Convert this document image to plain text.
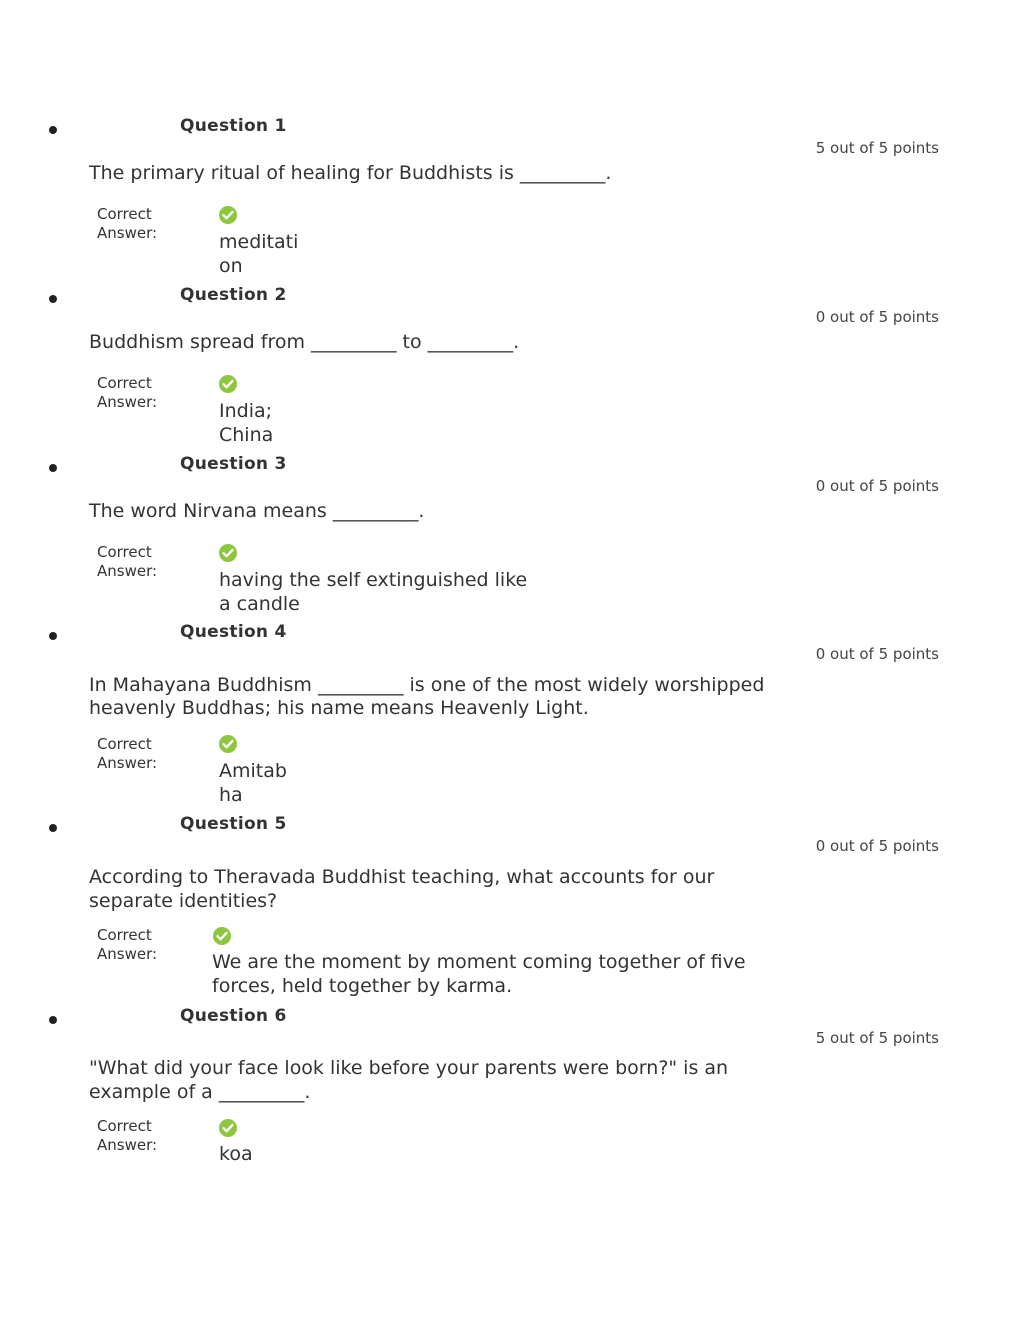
Question 1
5 out of 5 points
The primary ritual of healing for Buddhists is _________.
Correct
Answer:	meditati
on
Question 2
0 out of 5 points
Buddhism spread from _________ to _________.
Correct
Answer:	India;
China
Question 3
0 out of 5 points
The word Nirvana means _________.
Correct
Answer:	having the self extinguished like
a candle
Question 4
0 out of 5 points
In Mahayana Buddhism _________ is one of the most widely worshipped
heavenly Buddhas; his name means Heavenly Light.
Correct
Answer:	Amitab
ha
Question 5
0 out of 5 points
According to Theravada Buddhist teaching, what accounts for our
separate identities?
Correct
Answer:	We are the moment by moment coming together of five
forces, held together by karma.
Question 6
5 out of 5 points
"What did your face look like before your parents were born?" is an
example of a _________.
Correct
Answer:	koa
